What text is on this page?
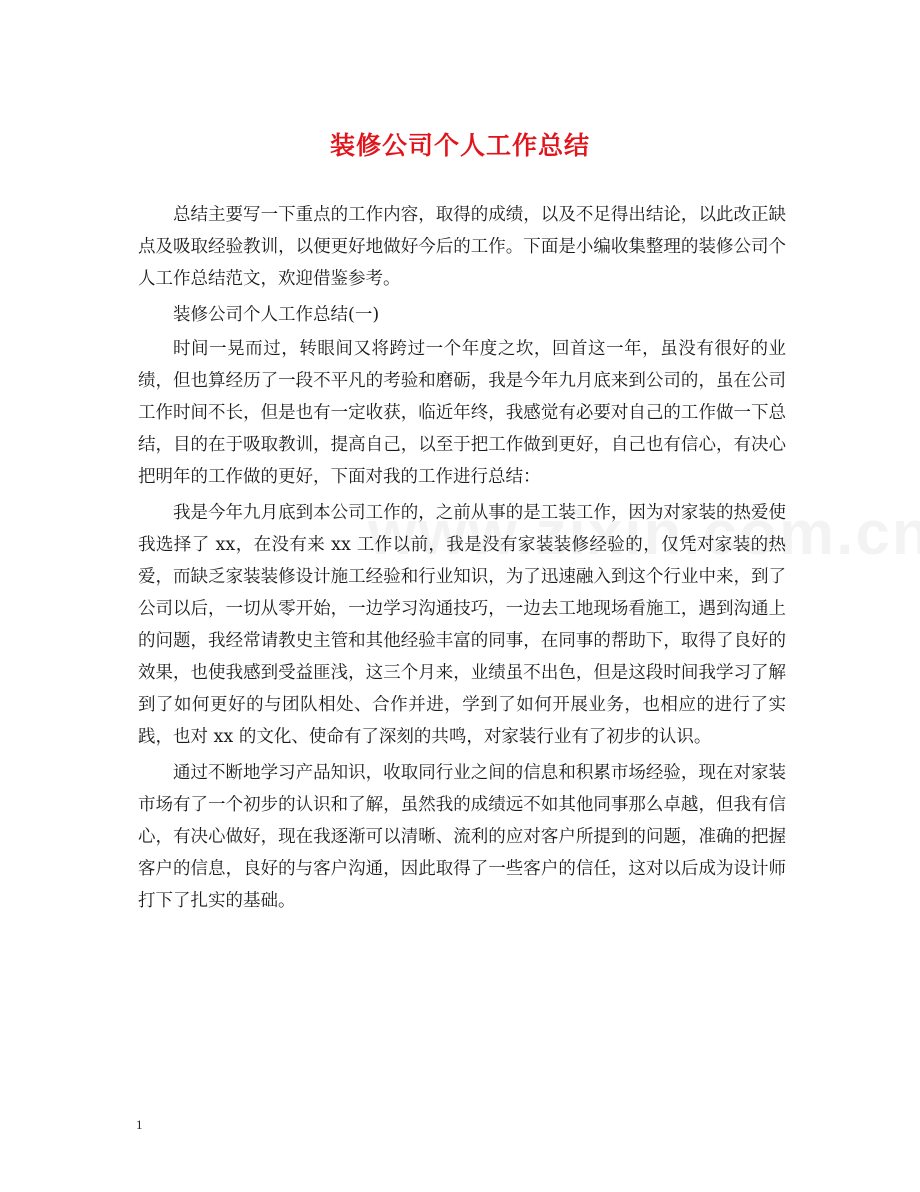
装修公司个人工作总结

总结主要写一下重点的工作内容，取得的成绩，以及不足得出结论，以此改正缺点及吸取经验教训，以便更好地做好今后的工作。下面是小编收集整理的装修公司个人工作总结范文，欢迎借鉴参考。

装修公司个人工作总结(一)

时间一晃而过，转眼间又将跨过一个年度之坎，回首这一年，虽没有很好的业绩，但也算经历了一段不平凡的考验和磨砺，我是今年九月底来到公司的，虽在公司工作时间不长，但是也有一定收获，临近年终，我感觉有必要对自己的工作做一下总结，目的在于吸取教训，提高自己，以至于把工作做到更好，自己也有信心，有决心把明年的工作做的更好，下面对我的工作进行总结：

我是今年九月底到本公司工作的，之前从事的是工装工作，因为对家装的热爱使我选择了 xx，在没有来 xx 工作以前，我是没有家装装修经验的，仅凭对家装的热爱，而缺乏家装装修设计施工经验和行业知识，为了迅速融入到这个行业中来，到了公司以后，一切从零开始，一边学习沟通技巧，一边去工地现场看施工，遇到沟通上的问题，我经常请教史主管和其他经验丰富的同事，在同事的帮助下，取得了良好的效果，也使我感到受益匪浅，这三个月来，业绩虽不出色，但是这段时间我学习了解到了如何更好的与团队相处、合作并进，学到了如何开展业务，也相应的进行了实践，也对 xx 的文化、使命有了深刻的共鸣，对家装行业有了初步的认识。

通过不断地学习产品知识，收取同行业之间的信息和积累市场经验，现在对家装市场有了一个初步的认识和了解，虽然我的成绩远不如其他同事那么卓越，但我有信心，有决心做好，现在我逐渐可以清晰、流利的应对客户所提到的问题，准确的把握客户的信息，良好的与客户沟通，因此取得了一些客户的信任，这对以后成为设计师打下了扎实的基础。

1
